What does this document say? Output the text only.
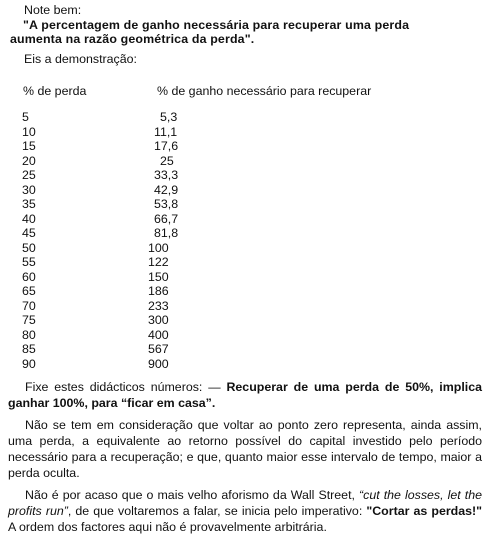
Note bem:
"A percentagem de ganho necessária para recuperar uma perda
aumenta na razão geométrica da perda".
Eis a demonstração:
% de perda	% de ganho necessário para recuperar
5	5,3
10	11,1
15	17,6
20	25
25	33,3
30	42,9
35	53,8
40	66,7
45	81,8
50	100
55	122
60	150
65	186
70	233
75	300
80	400
85	567
90	900

Fixe estes didácticos números: — Recuperar de uma perda de 50%, implica ganhar 100%, para “ficar em casa”.

Não se tem em consideração que voltar ao ponto zero representa, ainda assim, uma perda, a equivalente ao retorno possível do capital investido pelo período necessário para a recuperação; e que, quanto maior esse intervalo de tempo, maior a perda oculta.

Não é por acaso que o mais velho aforismo da Wall Street, “cut the losses, let the profits run”, de que voltaremos a falar, se inicia pelo imperativo: "Cortar as perdas!" A ordem dos factores aqui não é provavelmente arbitrária.
